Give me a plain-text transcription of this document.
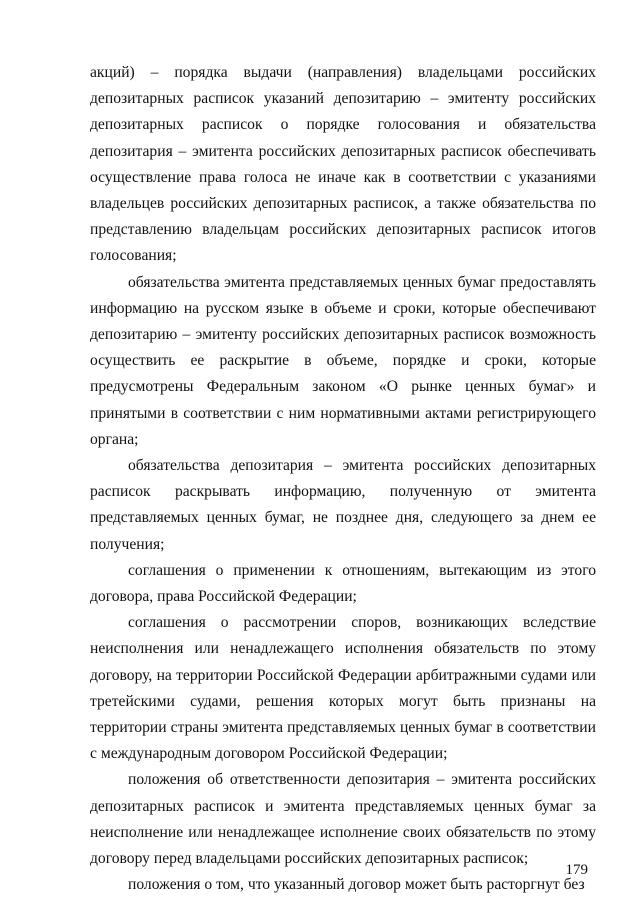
акций) – порядка выдачи (направления) владельцами российских депозитарных расписок указаний депозитарию – эмитенту российских депозитарных расписок о порядке голосования и обязательства депозитария – эмитента российских депозитарных расписок обеспечивать осуществление права голоса не иначе как в соответствии с указаниями владельцев российских депозитарных расписок, а также обязательства по представлению владельцам российских депозитарных расписок итогов голосования;

обязательства эмитента представляемых ценных бумаг предоставлять информацию на русском языке в объеме и сроки, которые обеспечивают депозитарию – эмитенту российских депозитарных расписок возможность осуществить ее раскрытие в объеме, порядке и сроки, которые предусмотрены Федеральным законом «О рынке ценных бумаг» и принятыми в соответствии с ним нормативными актами регистрирующего органа;

обязательства депозитария – эмитента российских депозитарных расписок раскрывать информацию, полученную от эмитента представляемых ценных бумаг, не позднее дня, следующего за днем ее получения;

соглашения о применении к отношениям, вытекающим из этого договора, права Российской Федерации;

соглашения о рассмотрении споров, возникающих вследствие неисполнения или ненадлежащего исполнения обязательств по этому договору, на территории Российской Федерации арбитражными судами или третейскими судами, решения которых могут быть признаны на территории страны эмитента представляемых ценных бумаг в соответствии с международным договором Российской Федерации;

положения об ответственности депозитария – эмитента российских депозитарных расписок и эмитента представляемых ценных бумаг за неисполнение или ненадлежащее исполнение своих обязательств по этому договору перед владельцами российских депозитарных расписок;

положения о том, что указанный договор может быть расторгнут без

179
